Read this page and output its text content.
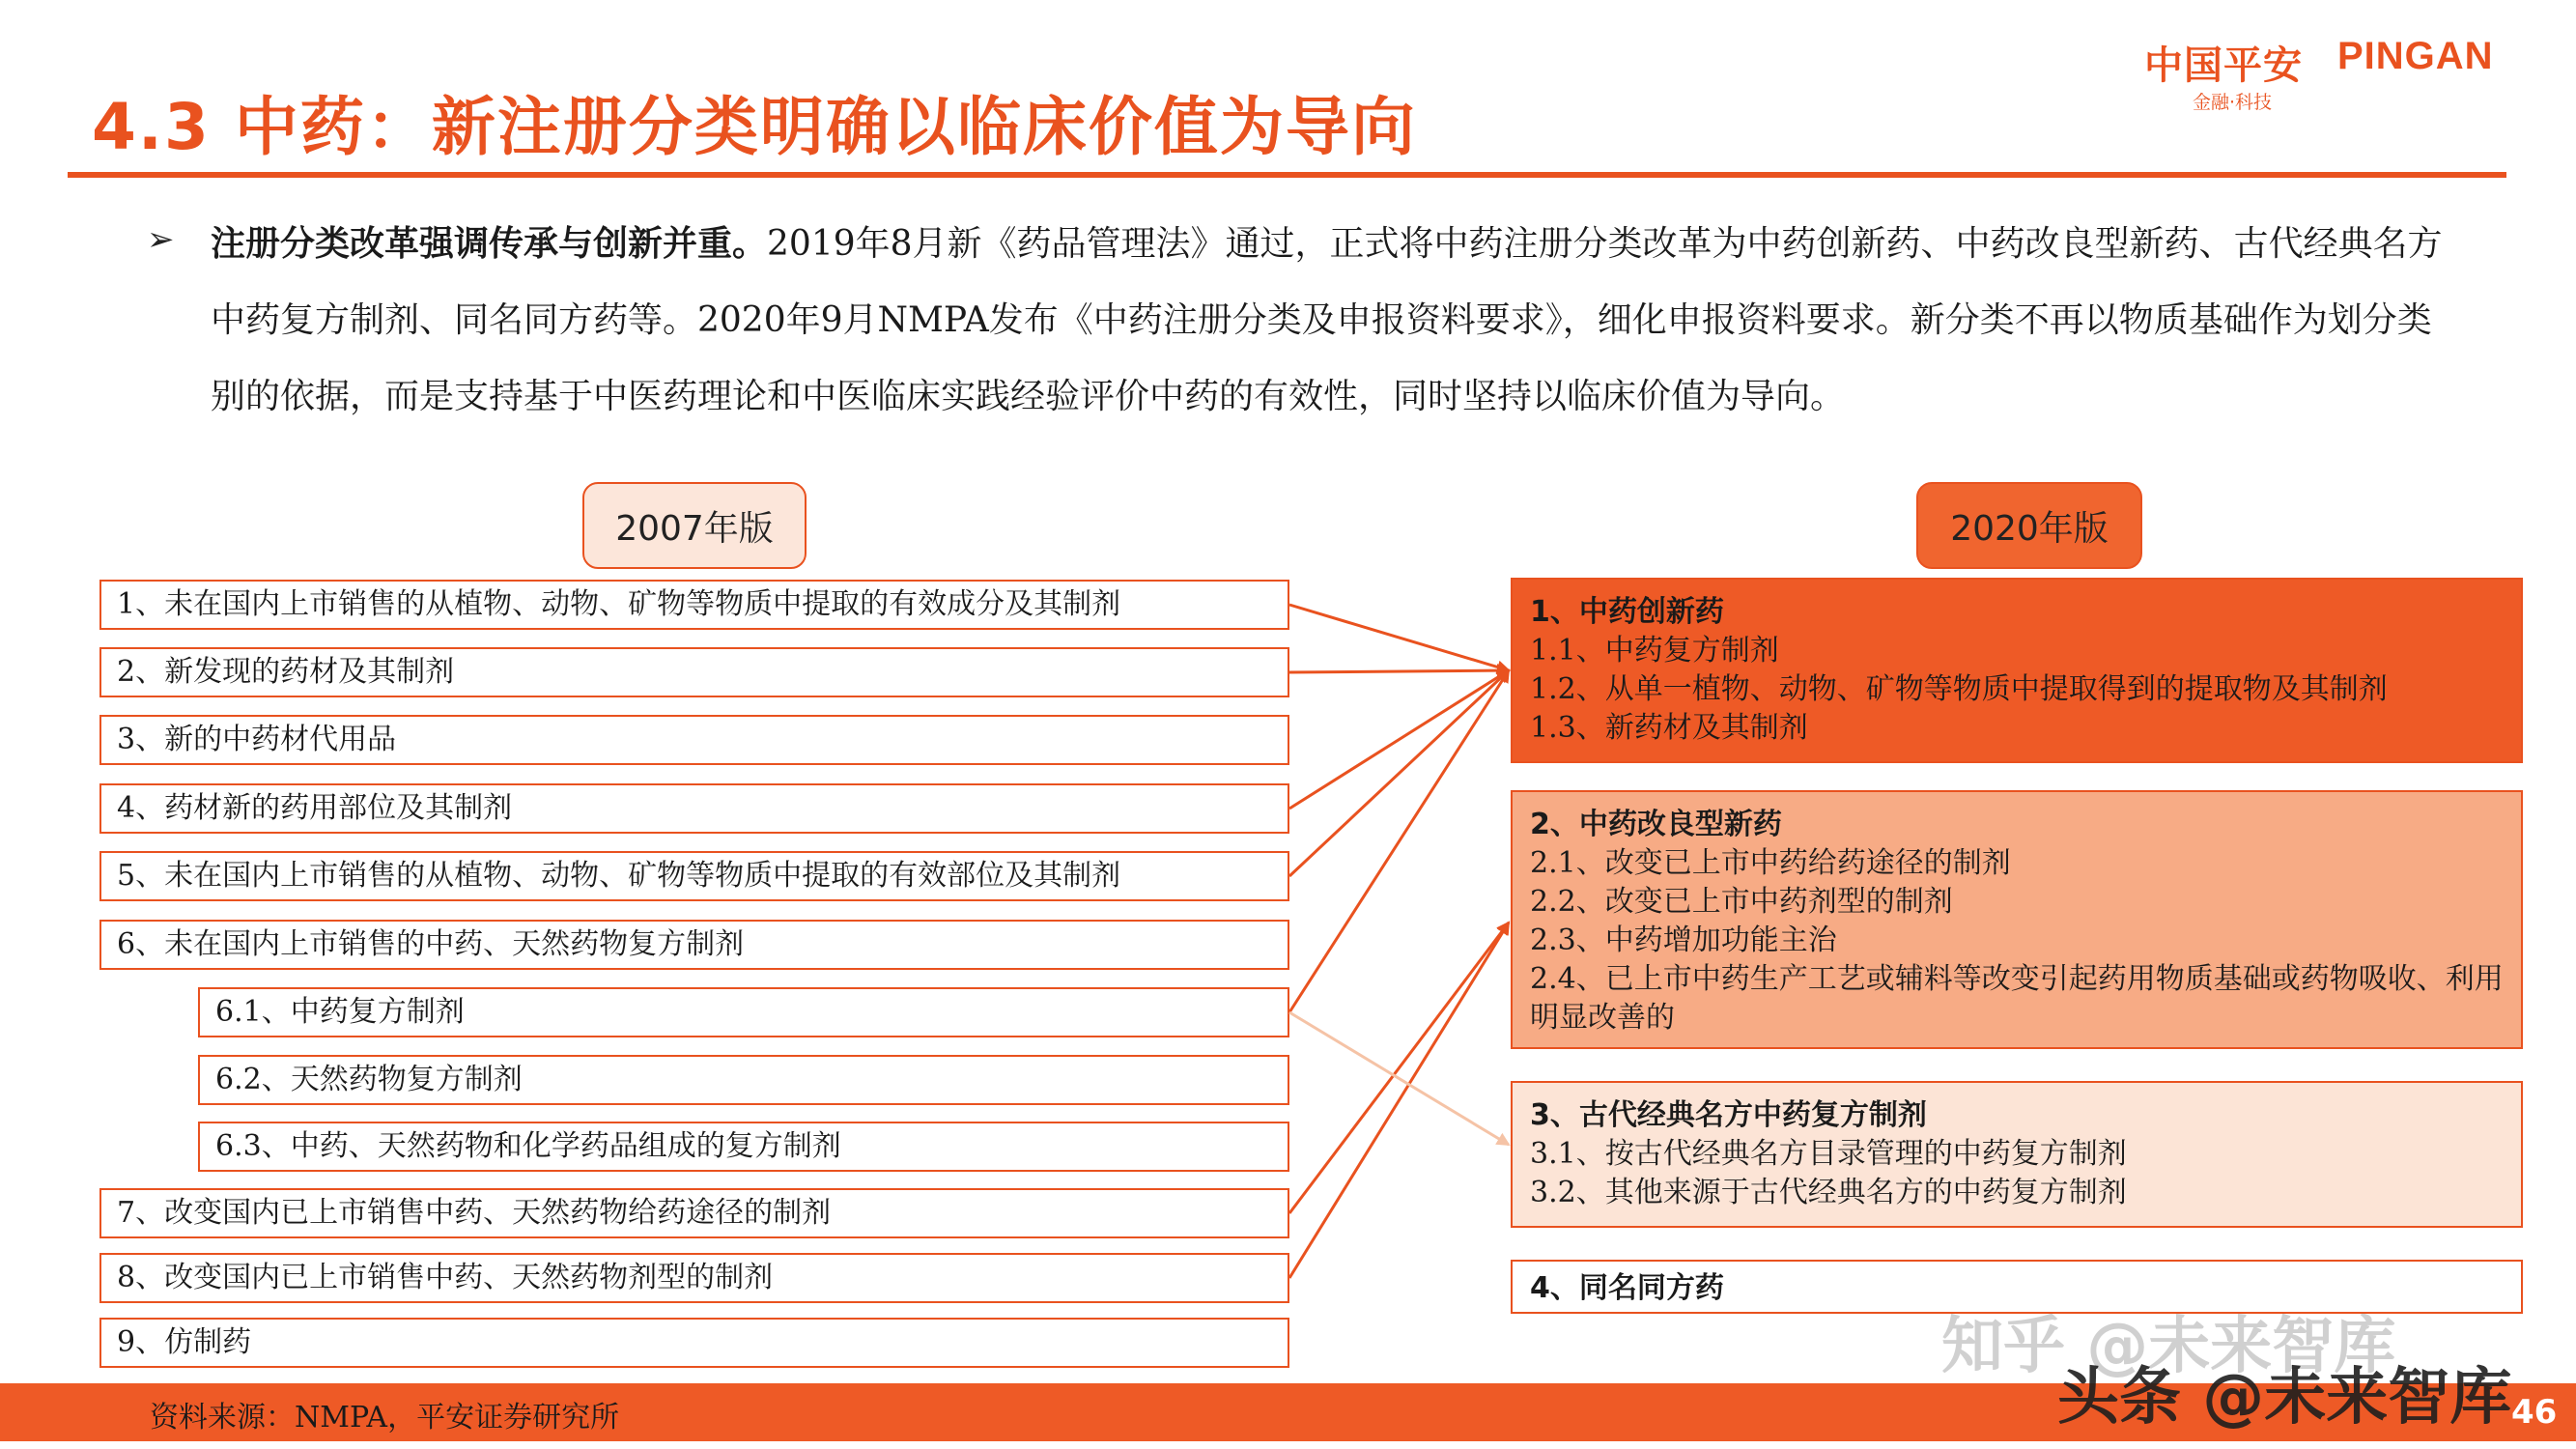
4.3 中药：新注册分类明确以临床价值为导向
中国平安 PINGAN
金融·科技
➢ 注册分类改革强调传承与创新并重。2019年8月新《药品管理法》通过，正式将中药注册分类改革为中药创新药、中药改良型新药、古代经典名方中药复方制剂、同名同方药等。2020年9月NMPA发布《中药注册分类及申报资料要求》，细化申报资料要求。新分类不再以物质基础作为划分类别的依据，而是支持基于中医药理论和中医临床实践经验评价中药的有效性，同时坚持以临床价值为导向。
2007年版	2020年版
1、未在国内上市销售的从植物、动物、矿物等物质中提取的有效成分及其制剂
2、新发现的药材及其制剂
3、新的中药材代用品
4、药材新的药用部位及其制剂
5、未在国内上市销售的从植物、动物、矿物等物质中提取的有效部位及其制剂
6、未在国内上市销售的中药、天然药物复方制剂
6.1、中药复方制剂
6.2、天然药物复方制剂
6.3、中药、天然药物和化学药品组成的复方制剂
7、改变国内已上市销售中药、天然药物给药途径的制剂
8、改变国内已上市销售中药、天然药物剂型的制剂
9、仿制药
1、中药创新药
1.1、中药复方制剂
1.2、从单一植物、动物、矿物等物质中提取得到的提取物及其制剂
1.3、新药材及其制剂
2、中药改良型新药
2.1、改变已上市中药给药途径的制剂
2.2、改变已上市中药剂型的制剂
2.3、中药增加功能主治
2.4、已上市中药生产工艺或辅料等改变引起药用物质基础或药物吸收、利用明显改善的
3、古代经典名方中药复方制剂
3.1、按古代经典名方目录管理的中药复方制剂
3.2、其他来源于古代经典名方的中药复方制剂
4、同名同方药
知乎 @未来智库
资料来源：NMPA，平安证券研究所	头条 @未来智库 46
